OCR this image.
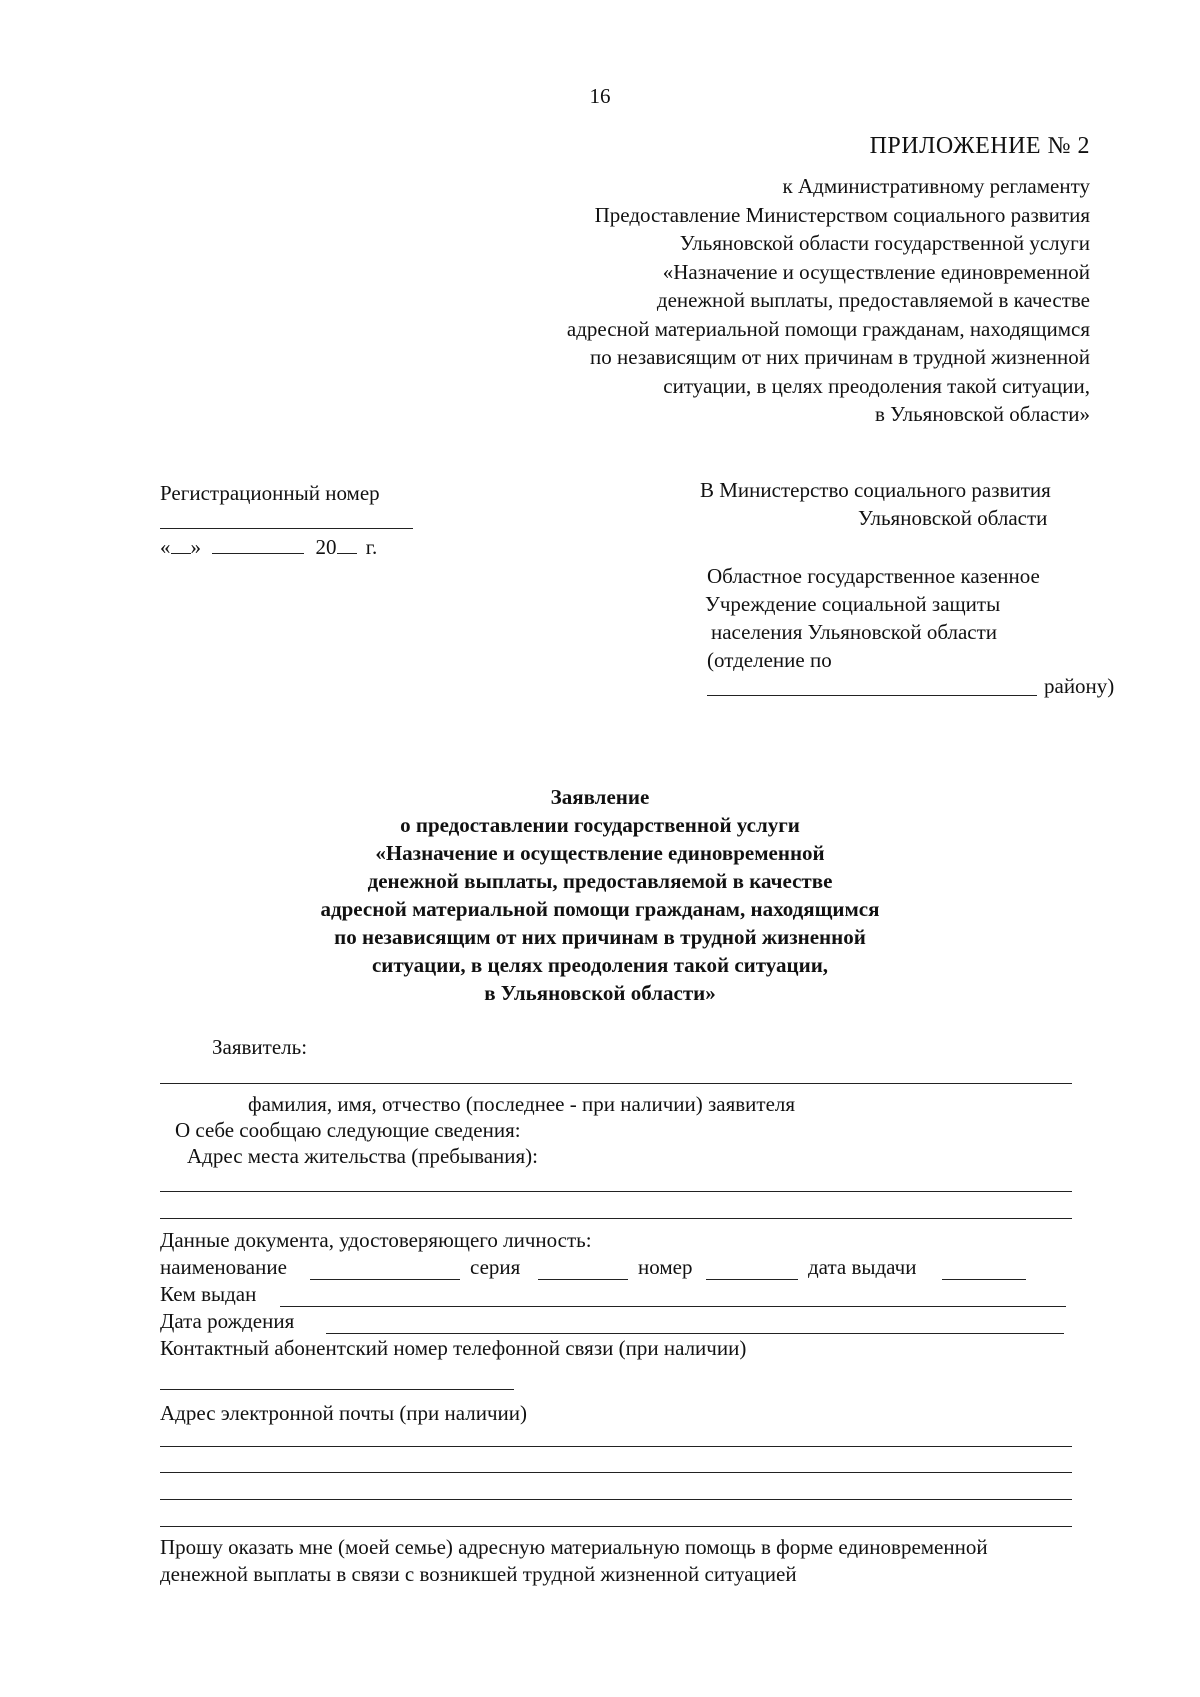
16
ПРИЛОЖЕНИЕ № 2
к Административному регламенту
Предоставление Министерством социального развития
Ульяновской области государственной услуги
«Назначение и осуществление единовременной
денежной выплаты, предоставляемой в качестве
адресной материальной помощи гражданам, находящимся
по независящим от них причинам в трудной жизненной
ситуации, в целях преодоления такой ситуации,
в Ульяновской области»
Регистрационный номер
« »	20 г.
В Министерство социального развития
Ульяновской области
Областное государственное казенное
Учреждение социальной защиты
населения Ульяновской области
(отделение по
району)
Заявление
о предоставлении государственной услуги
«Назначение и осуществление единовременной
денежной выплаты, предоставляемой в качестве
адресной материальной помощи гражданам, находящимся
по независящим от них причинам в трудной жизненной
ситуации, в целях преодоления такой ситуации,
в Ульяновской области»
Заявитель:
фамилия, имя, отчество (последнее - при наличии) заявителя
О себе сообщаю следующие сведения:
Адрес места жительства (пребывания):
Данные документа, удостоверяющего личность:
наименование	серия	номер	дата выдачи
Кем выдан
Дата рождения
Контактный абонентский номер телефонной связи (при наличии)
Адрес электронной почты (при наличии)
Прошу оказать мне (моей семье) адресную материальную помощь в форме единовременной
денежной выплаты в связи с возникшей трудной жизненной ситуацией
